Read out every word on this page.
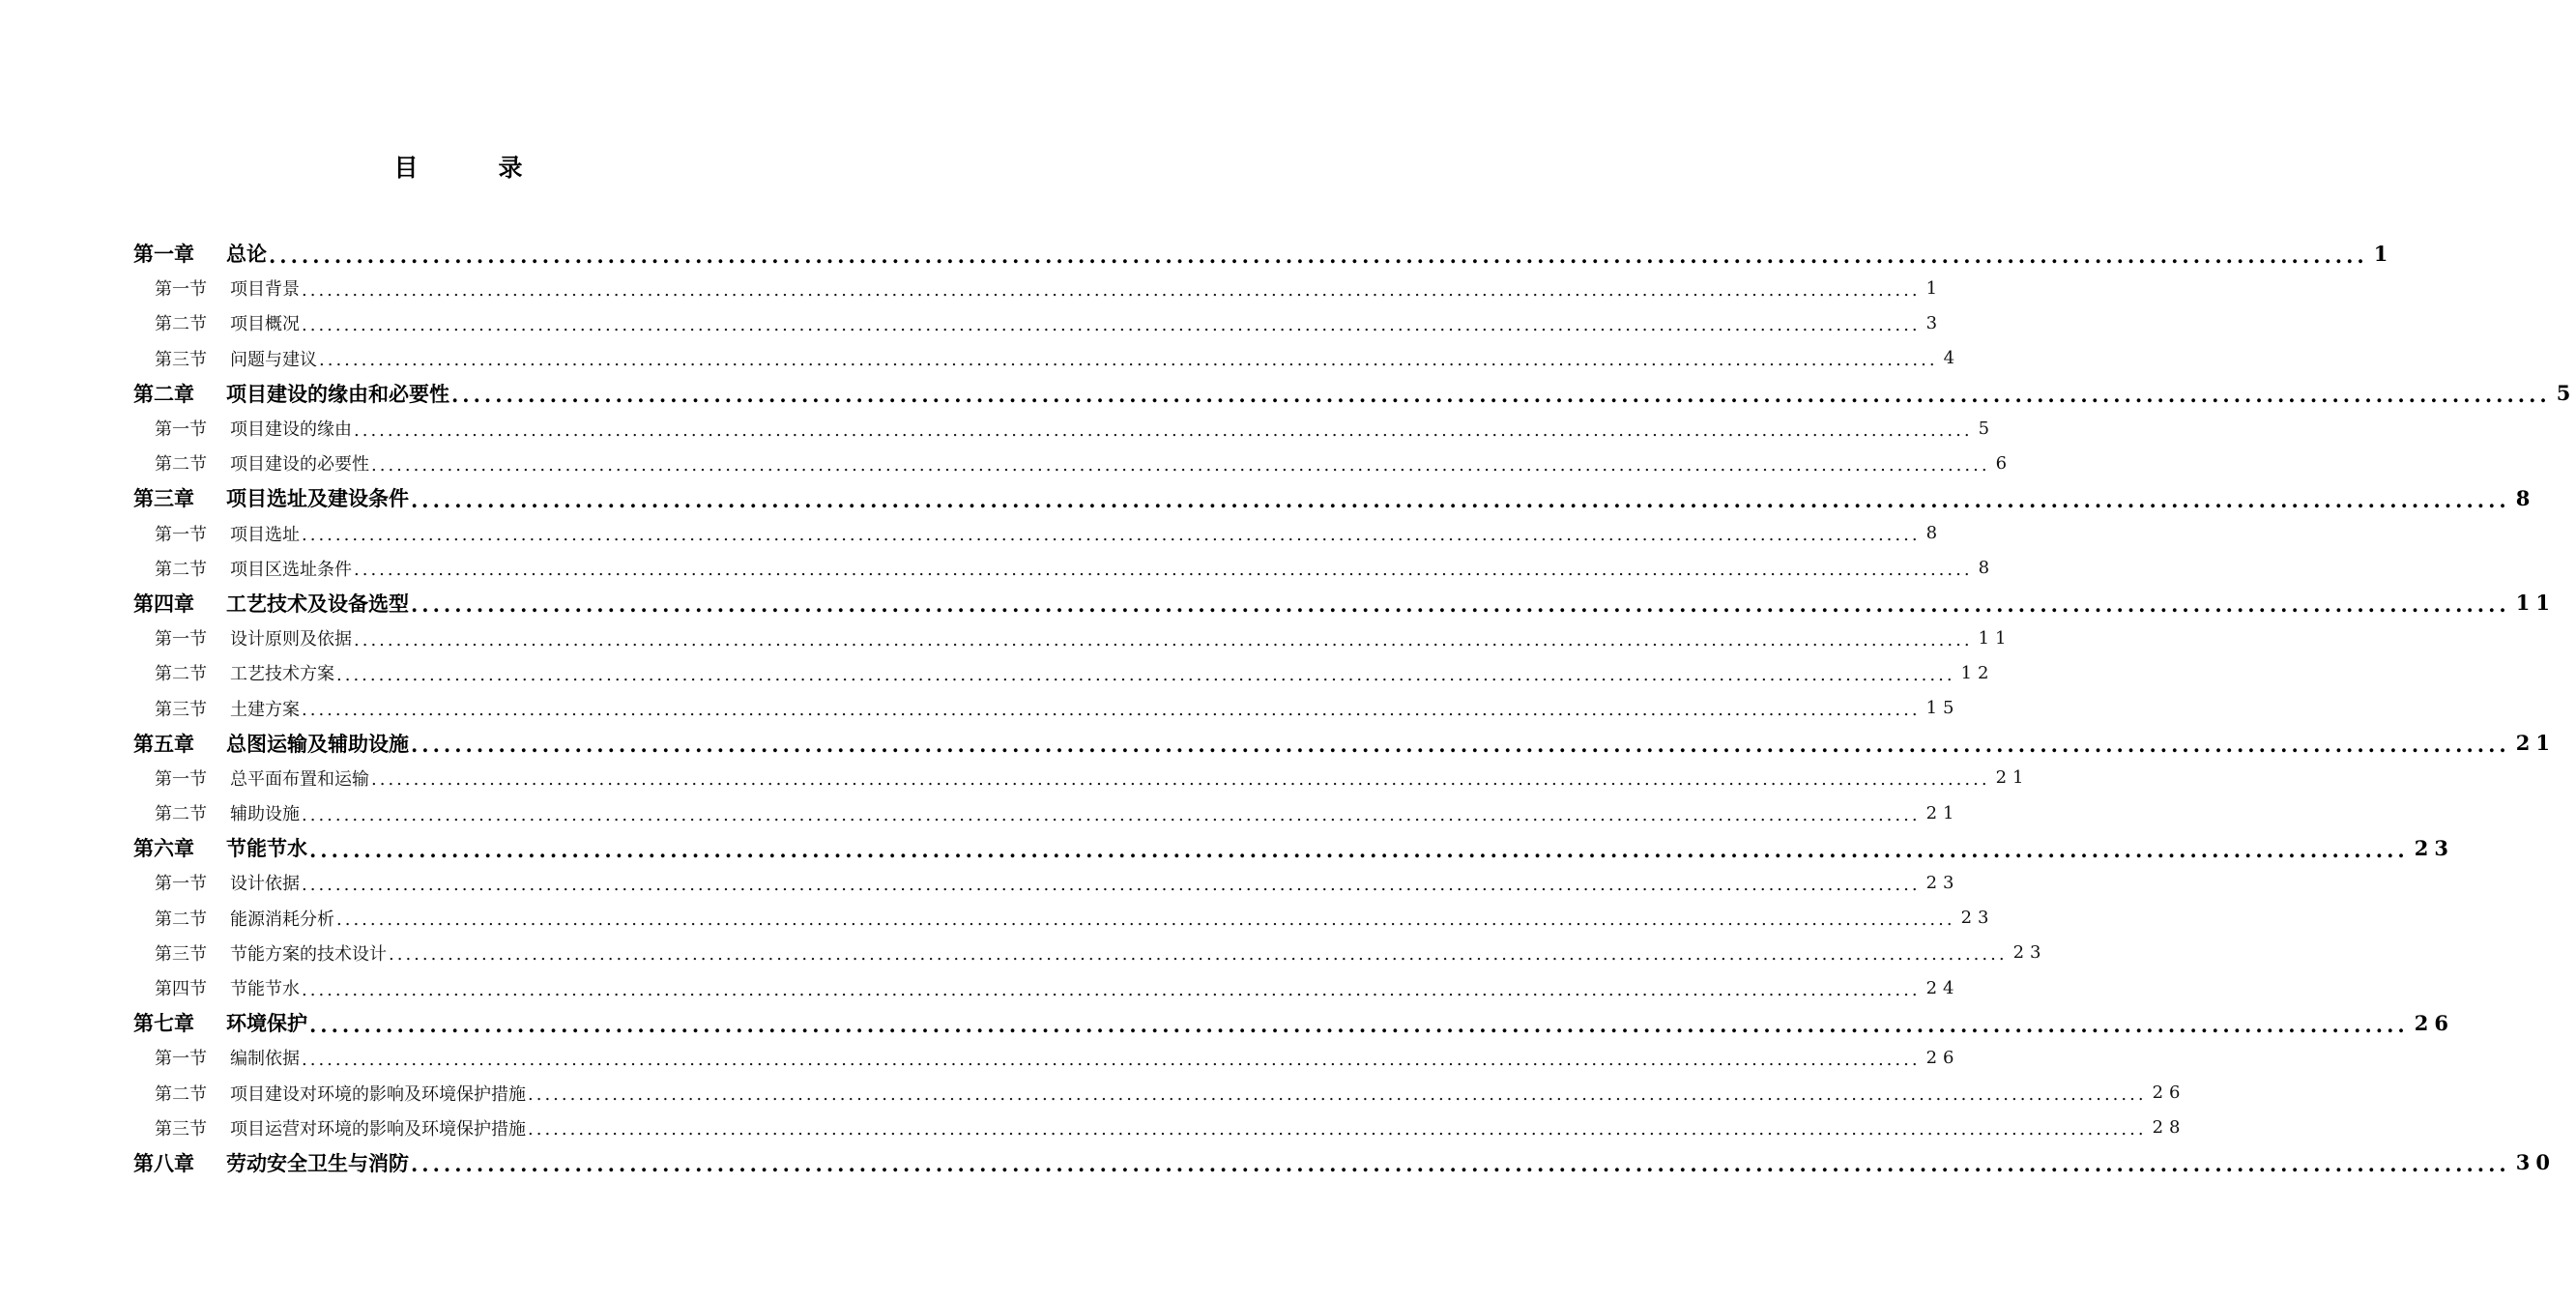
目　　　录
第一章	总论 .....	1
第一节	项目背景 .....	1
第二节	项目概况 .....	3
第三节	问题与建议 .....	4
第二章	项目建设的缘由和必要性 .....	5
第一节	项目建设的缘由 .....	5
第二节	项目建设的必要性 .....	6
第三章	项目选址及建设条件 .....	8
第一节	项目选址 .....	8
第二节	项目区选址条件 .....	8
第四章	工艺技术及设备选型 .....	11
第一节	设计原则及依据 .....	11
第二节	工艺技术方案 .....	12
第三节	土建方案 .....	15
第五章	总图运输及辅助设施 .....	21
第一节	总平面布置和运输 .....	21
第二节	辅助设施 .....	21
第六章	节能节水 .....	23
第一节	设计依据 .....	23
第二节	能源消耗分析 .....	23
第三节	节能方案的技术设计 .....	23
第四节	节能节水 .....	24
第七章	环境保护 .....	26
第一节	编制依据 .....	26
第二节	项目建设对环境的影响及环境保护措施 .....	26
第三节	项目运营对环境的影响及环境保护措施 .....	28
第八章	劳动安全卫生与消防 .....	30
